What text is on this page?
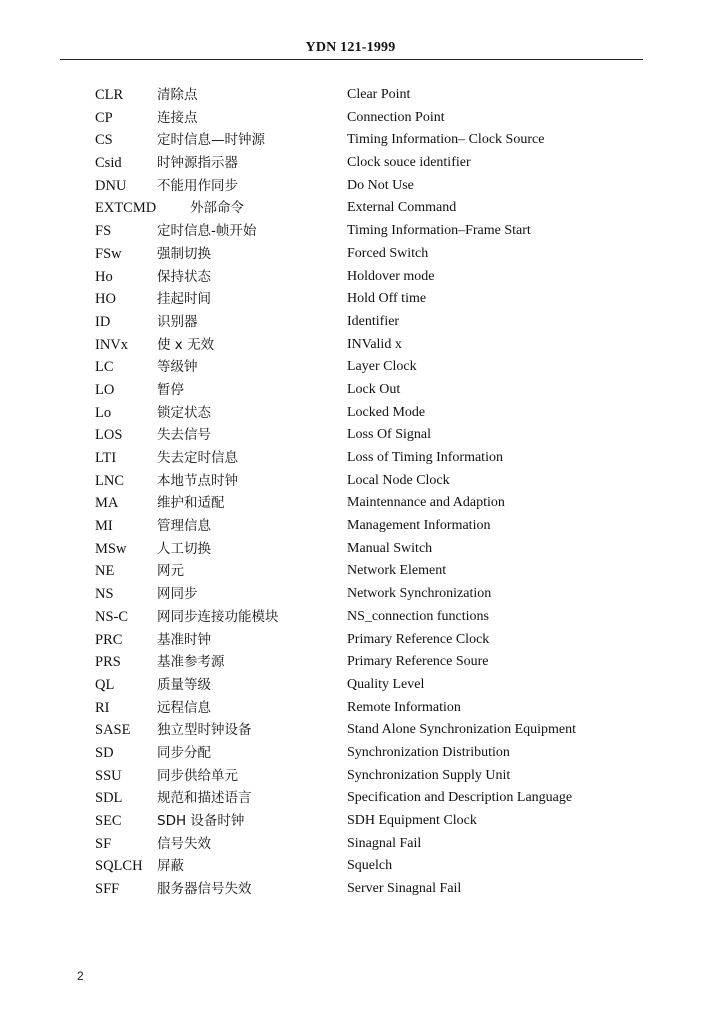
YDN 121-1999
CLR	清除点	Clear Point
CP	连接点	Connection Point
CS	定时信息—时钟源	Timing Information– Clock Source
Csid	时钟源指示器	Clock souce identifier
DNU 不能用作同步	Do Not Use
EXTCMD	外部命令	External Command
FS	定时信息-帧开始	Timing Information–Frame Start
FSw	强制切换	Forced Switch
Ho	保持状态	Holdover mode
HO	挂起时间	Hold Off time
ID	识别器	Identifier
INVx 使 x 无效	INValid x
LC	等级钟	Layer Clock
LO	暂停	Lock Out
Lo	锁定状态	Locked Mode
LOS	失去信号	Loss Of Signal
LTI	失去定时信息	Loss of Timing Information
LNC 本地节点时钟	Local Node Clock
MA	维护和适配	Maintennance and Adaption
MI	管理信息	Management Information
MSw 人工切换	Manual Switch
NE	网元	Network Element
NS	网同步	Network Synchronization
NS-C 网同步连接功能模块	NS_connection functions
PRC	基准时钟	Primary Reference Clock
PRS	基准参考源	Primary Reference Soure
QL	质量等级	Quality Level
RI	远程信息	Remote Information
SASE 独立型时钟设备	Stand Alone Synchronization Equipment
SD	同步分配	Synchronization Distribution
SSU	同步供给单元	Synchronization Supply Unit
SDL	规范和描述语言	Specification and Description Language
SEC	SDH 设备时钟	SDH Equipment Clock
SF	信号失效	Sinagnal Fail
SQLCH 屏蔽	Squelch
SFF	服务器信号失效	Server Sinagnal Fail
2
